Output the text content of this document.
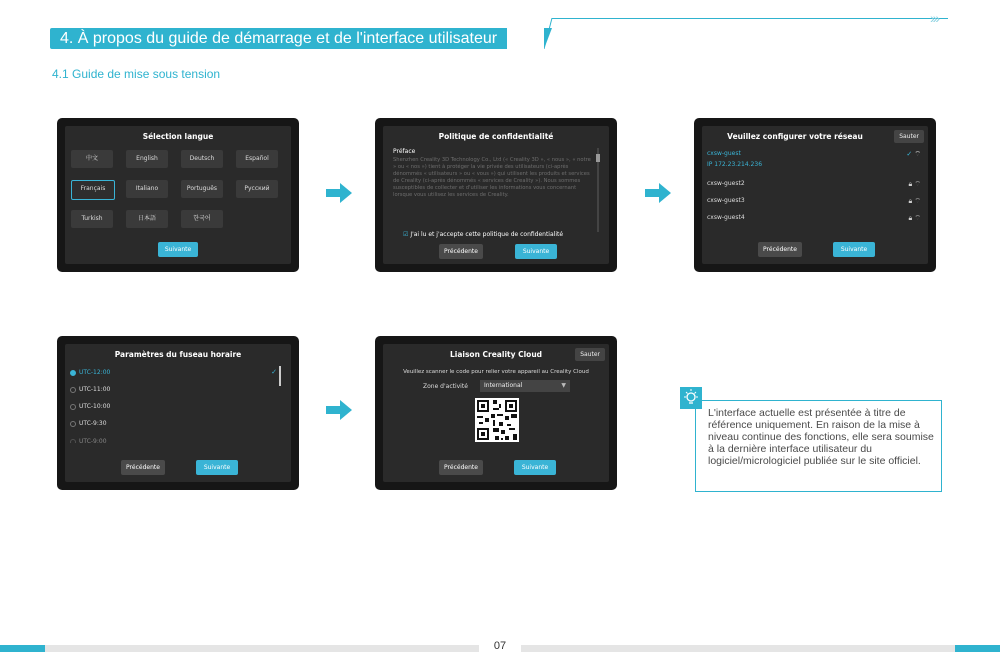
4. À propos du guide de démarrage et de l'interface utilisateur
›››
4.1 Guide de mise sous tension
Sélection langue
中文	English	Deutsch	Español
Français	Italiano	Português	Русский
Turkish	日本語	한국어
Suivante
Politique de confidentialité
Préface
Shenzhen Creality 3D Technology Co., Ltd (« Creality 3D », « nous », « notre » ou « nos ») tient à protéger la vie privée des utilisateurs (ci-après dénommés « utilisateurs » ou « vous ») qui utilisent les produits et services de Creality (ci-après dénommés « services de Creality »). Nous sommes susceptibles de collecter et d'utiliser les informations vous concernant lorsque vous utilisez les services de Creality.
☑ J'ai lu et j'accepte cette politique de confidentialité
Précédente	Suivante
Veuillez configurer votre réseau	Sauter
cxsw-guest	✓ ⌔
IP 172.23.214.236
cxsw-guest2	🔒︎ ⌔
cxsw-guest3	🔒︎ ⌔
cxsw-guest4	🔒︎ ⌔
Précédente	Suivante
Paramètres du fuseau horaire
UTC-12:00	✓
UTC-11:00
UTC-10:00
UTC-9:30
UTC-9:00
Précédente	Suivante
Liaison Creality Cloud	Sauter
Veuillez scanner le code pour relier votre appareil au Creality Cloud
Zone d'activité	International	▼
Précédente	Suivante
L'interface actuelle est présentée à titre de référence uniquement. En raison de la mise à niveau continue des fonctions, elle sera soumise à la dernière interface utilisateur du logiciel/micrologiciel publiée sur le site officiel.
07
